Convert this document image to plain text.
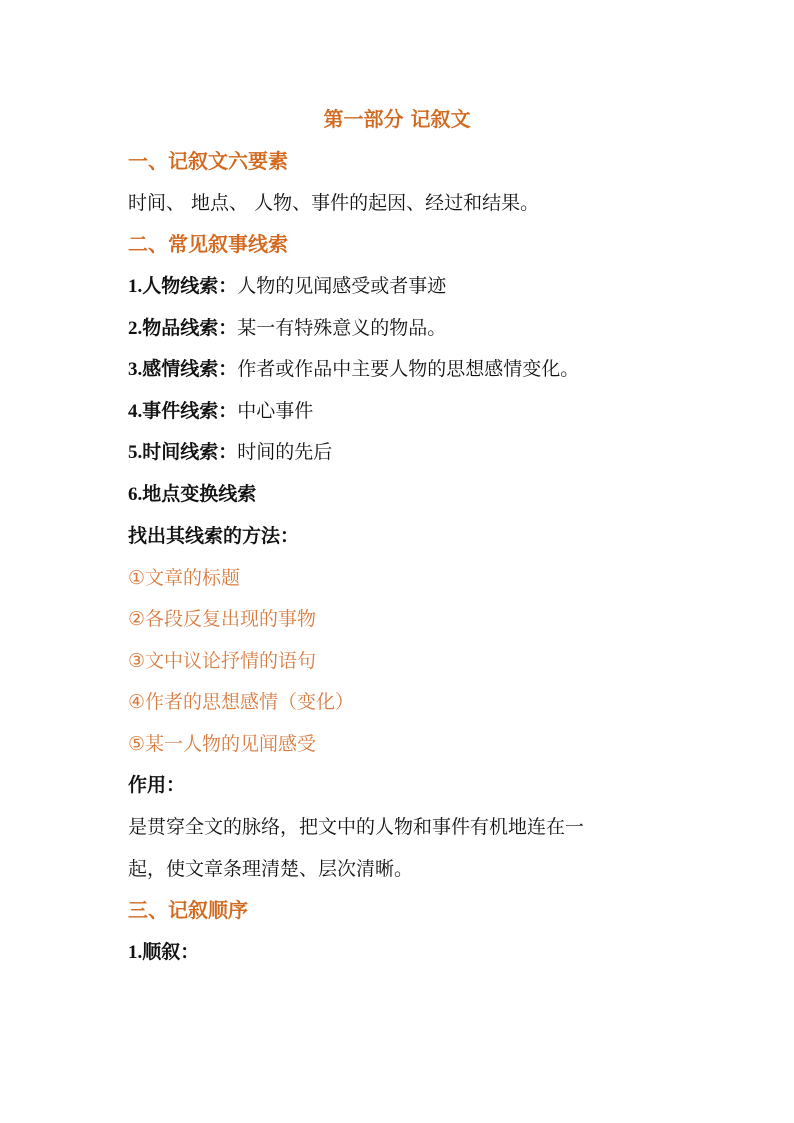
第一部分 记叙文
一、记叙文六要素
时间、 地点、 人物、事件的起因、经过和结果。
二、常见叙事线索
1.人物线索：人物的见闻感受或者事迹
2.物品线索：某一有特殊意义的物品。
3.感情线索：作者或作品中主要人物的思想感情变化。
4.事件线索：中心事件
5.时间线索：时间的先后
6.地点变换线索
找出其线索的方法：
①文章的标题
②各段反复出现的事物
③文中议论抒情的语句
④作者的思想感情（变化）
⑤某一人物的见闻感受
作用：
是贯穿全文的脉络，把文中的人物和事件有机地连在一
起，使文章条理清楚、层次清晰。
三、记叙顺序
1.顺叙：
